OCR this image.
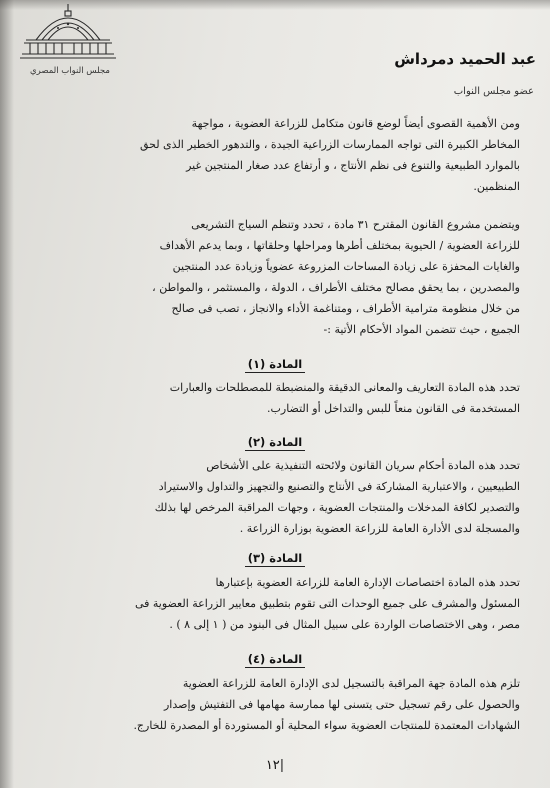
مجلس النواب المصري
عبد الحميد دمرداش
عضو مجلس النواب
ومن الأهمية القصوى أيضاً لوضع قانون متكامل للزراعة العضوية ، مواجهة
المخاطر الكبيرة التى تواجه الممارسات الزراعية الجيدة ، والتدهور الخطير الذى لحق
بالموارد الطبيعية والتنوع فى نظم الأنتاج ، و أرتفاع عدد صغار المنتجين غير
المنظمين.
ويتضمن مشروع القانون المقترح ٣١ مادة ، تحدد وتنظم السياج التشريعى
للزراعة العضوية / الحيوية بمختلف أطرها ومراحلها وحلقاتها ، وبما يدعم الأهداف
والغايات المحفزة على زيادة المساحات المزروعة عضوياً وزيادة عدد المنتجين
والمصدرين ، بما يحقق مصالح مختلف الأطراف ، الدولة ، والمستثمر ، والمواطن ،
من خلال منظومة مترامية الأطراف ، ومتناغمة الأداء والانجاز ، تصب فى صالح
الجميع ، حيث تتضمن المواد الأحكام الأتية :-
المادة (١)
تحدد هذه المادة التعاريف والمعانى الدقيقة والمنضبطة للمصطلحات والعبارات
المستخدمة فى القانون منعاً للبس والتداخل أو التضارب.
المادة (٢)
تحدد هذه المادة أحكام سريان القانون ولائحته التنفيذية على الأشخاص
الطبيعيين ، والاعتبارية المشاركة فى الأنتاج والتصنيع والتجهيز والتداول والاستيراد
والتصدير لكافة المدخلات والمنتجات العضوية ، وجهات المراقبة المرخص لها بذلك
والمسجلة لدى الأدارة العامة للزراعة العضوية بوزارة الزراعة .
المادة (٣)
تحدد هذه المادة اختصاصات الإدارة العامة للزراعة العضوية بإعتبارها
المسئول والمشرف على جميع الوحدات التى تقوم بتطبيق معايير الزراعة العضوية فى
مصر ، وهى الاختصاصات الواردة على سبيل المثال فى البنود من ( ١ إلى ٨ ) .
المادة (٤)
تلزم هذه المادة جهة المراقبة بالتسجيل لدى الإدارة العامة للزراعة العضوية
والحصول على رقم تسجيل حتى يتسنى لها ممارسة مهامها فى التفتيش وإصدار
الشهادات المعتمدة للمنتجات العضوية سواء المحلية أو المستوردة أو المصدرة للخارج.
١٢|
